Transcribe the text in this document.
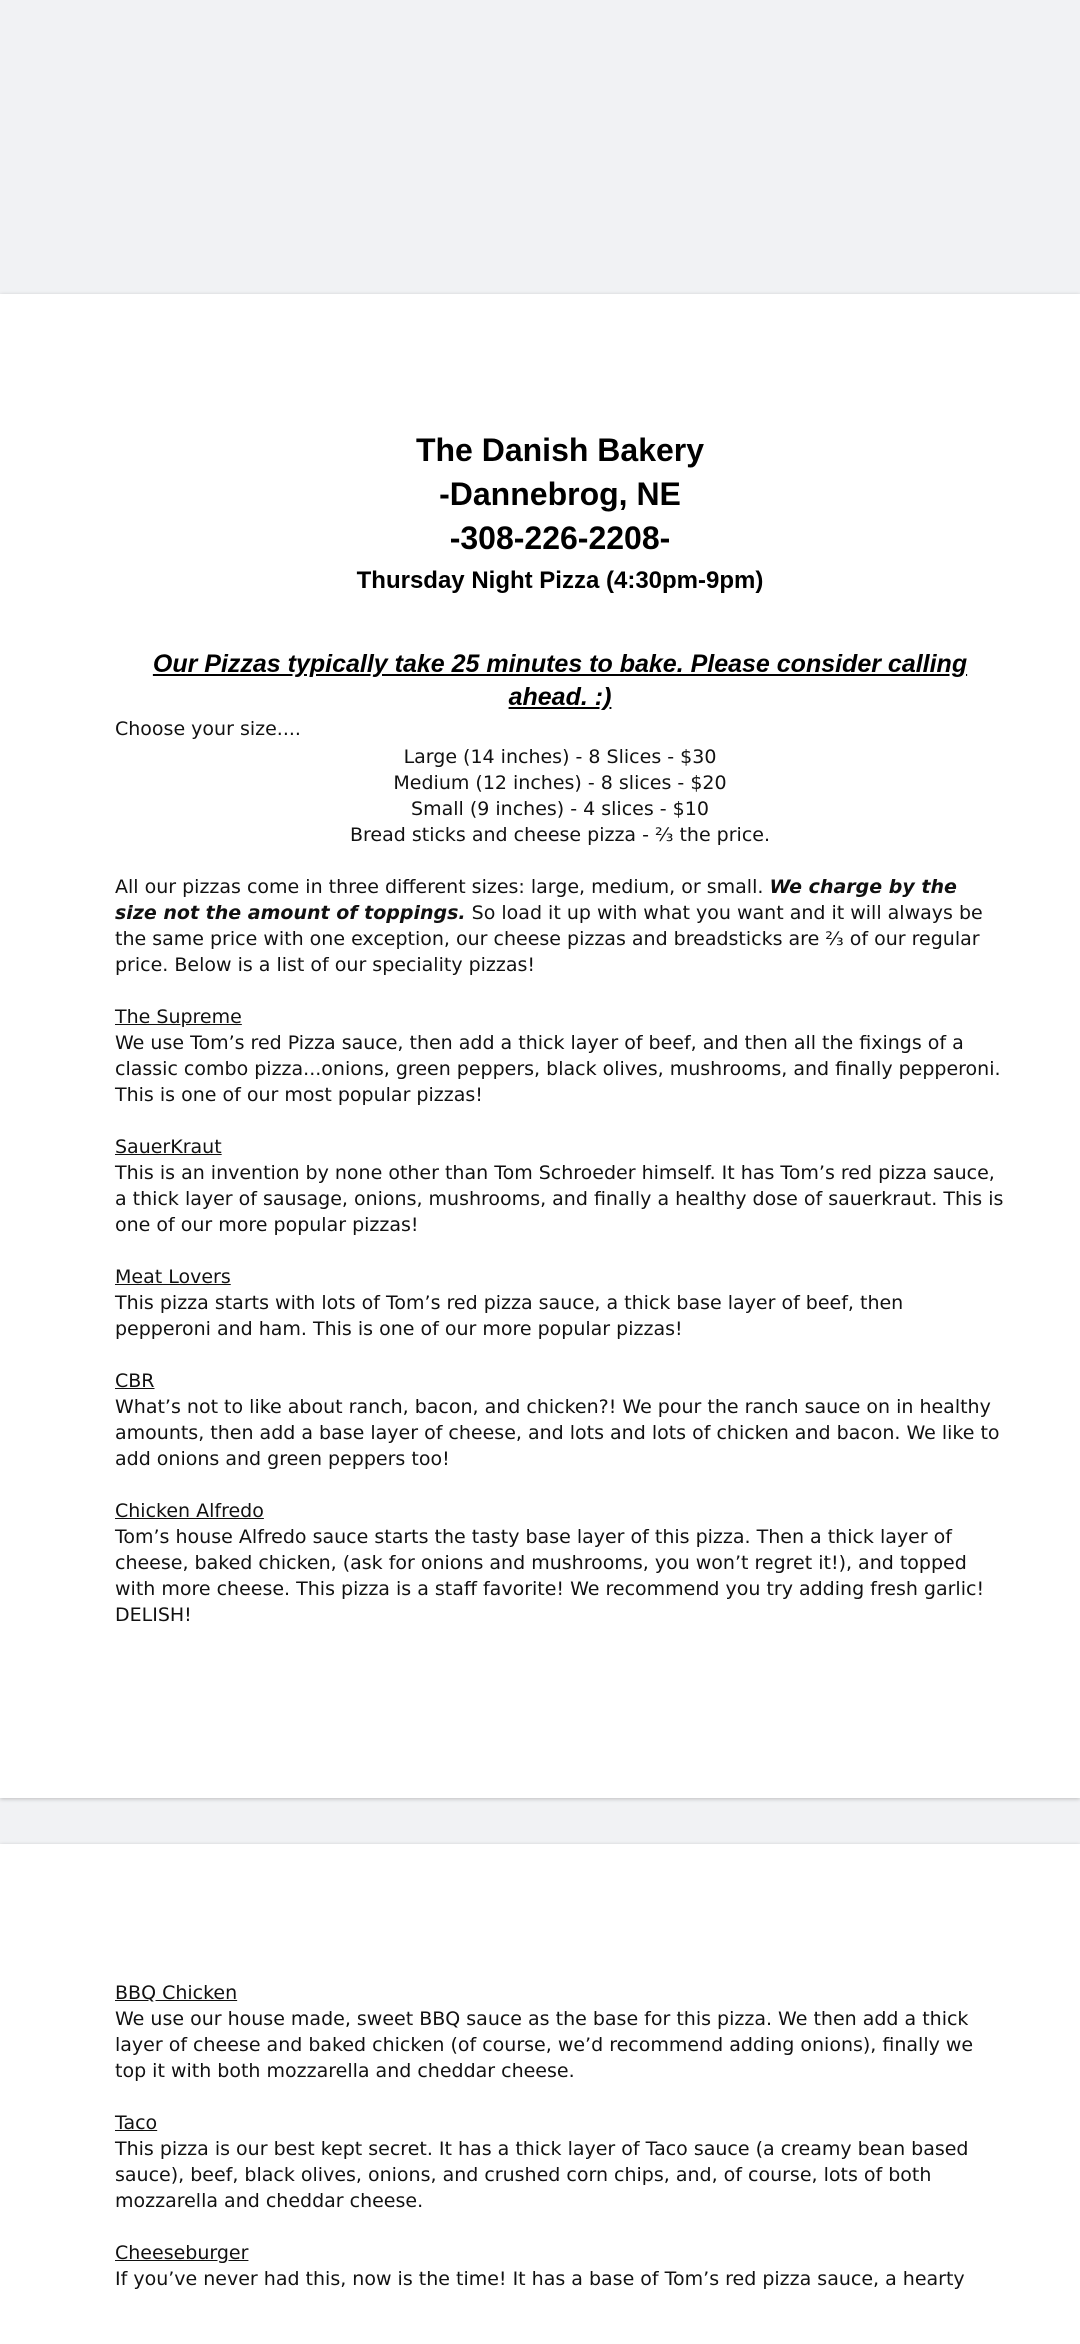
The Danish Bakery
-Dannebrog, NE
-308-226-2208-
Thursday Night Pizza (4:30pm-9pm)
Our Pizzas typically take 25 minutes to bake. Please consider calling ahead. :)
Choose your size....
Large (14 inches) - 8 Slices - $30
Medium (12 inches) - 8 slices - $20
Small (9 inches) - 4 slices - $10
Bread sticks and cheese pizza - ⅔ the price.
All our pizzas come in three different sizes: large, medium, or small. We charge by the size not the amount of toppings. So load it up with what you want and it will always be the same price with one exception, our cheese pizzas and breadsticks are ⅔ of our regular price. Below is a list of our speciality pizzas!
The Supreme
We use Tom’s red Pizza sauce, then add a thick layer of beef, and then all the fixings of a classic combo pizza...onions, green peppers, black olives, mushrooms, and finally pepperoni. This is one of our most popular pizzas!
SauerKraut
This is an invention by none other than Tom Schroeder himself. It has Tom’s red pizza sauce, a thick layer of sausage, onions, mushrooms, and finally a healthy dose of sauerkraut. This is one of our more popular pizzas!
Meat Lovers
This pizza starts with lots of Tom’s red pizza sauce, a thick base layer of beef, then pepperoni and ham. This is one of our more popular pizzas!
CBR
What’s not to like about ranch, bacon, and chicken?! We pour the ranch sauce on in healthy amounts, then add a base layer of cheese, and lots and lots of chicken and bacon. We like to add onions and green peppers too!
Chicken Alfredo
Tom’s house Alfredo sauce starts the tasty base layer of this pizza. Then a thick layer of cheese, baked chicken, (ask for onions and mushrooms, you won’t regret it!), and topped with more cheese. This pizza is a staff favorite! We recommend you try adding fresh garlic! DELISH!
BBQ Chicken
We use our house made, sweet BBQ sauce as the base for this pizza. We then add a thick layer of cheese and baked chicken (of course, we’d recommend adding onions), finally we top it with both mozzarella and cheddar cheese.
Taco
This pizza is our best kept secret. It has a thick layer of Taco sauce (a creamy bean based sauce), beef, black olives, onions, and crushed corn chips, and, of course, lots of both mozzarella and cheddar cheese.
Cheeseburger
If you’ve never had this, now is the time! It has a base of Tom’s red pizza sauce, a hearty
